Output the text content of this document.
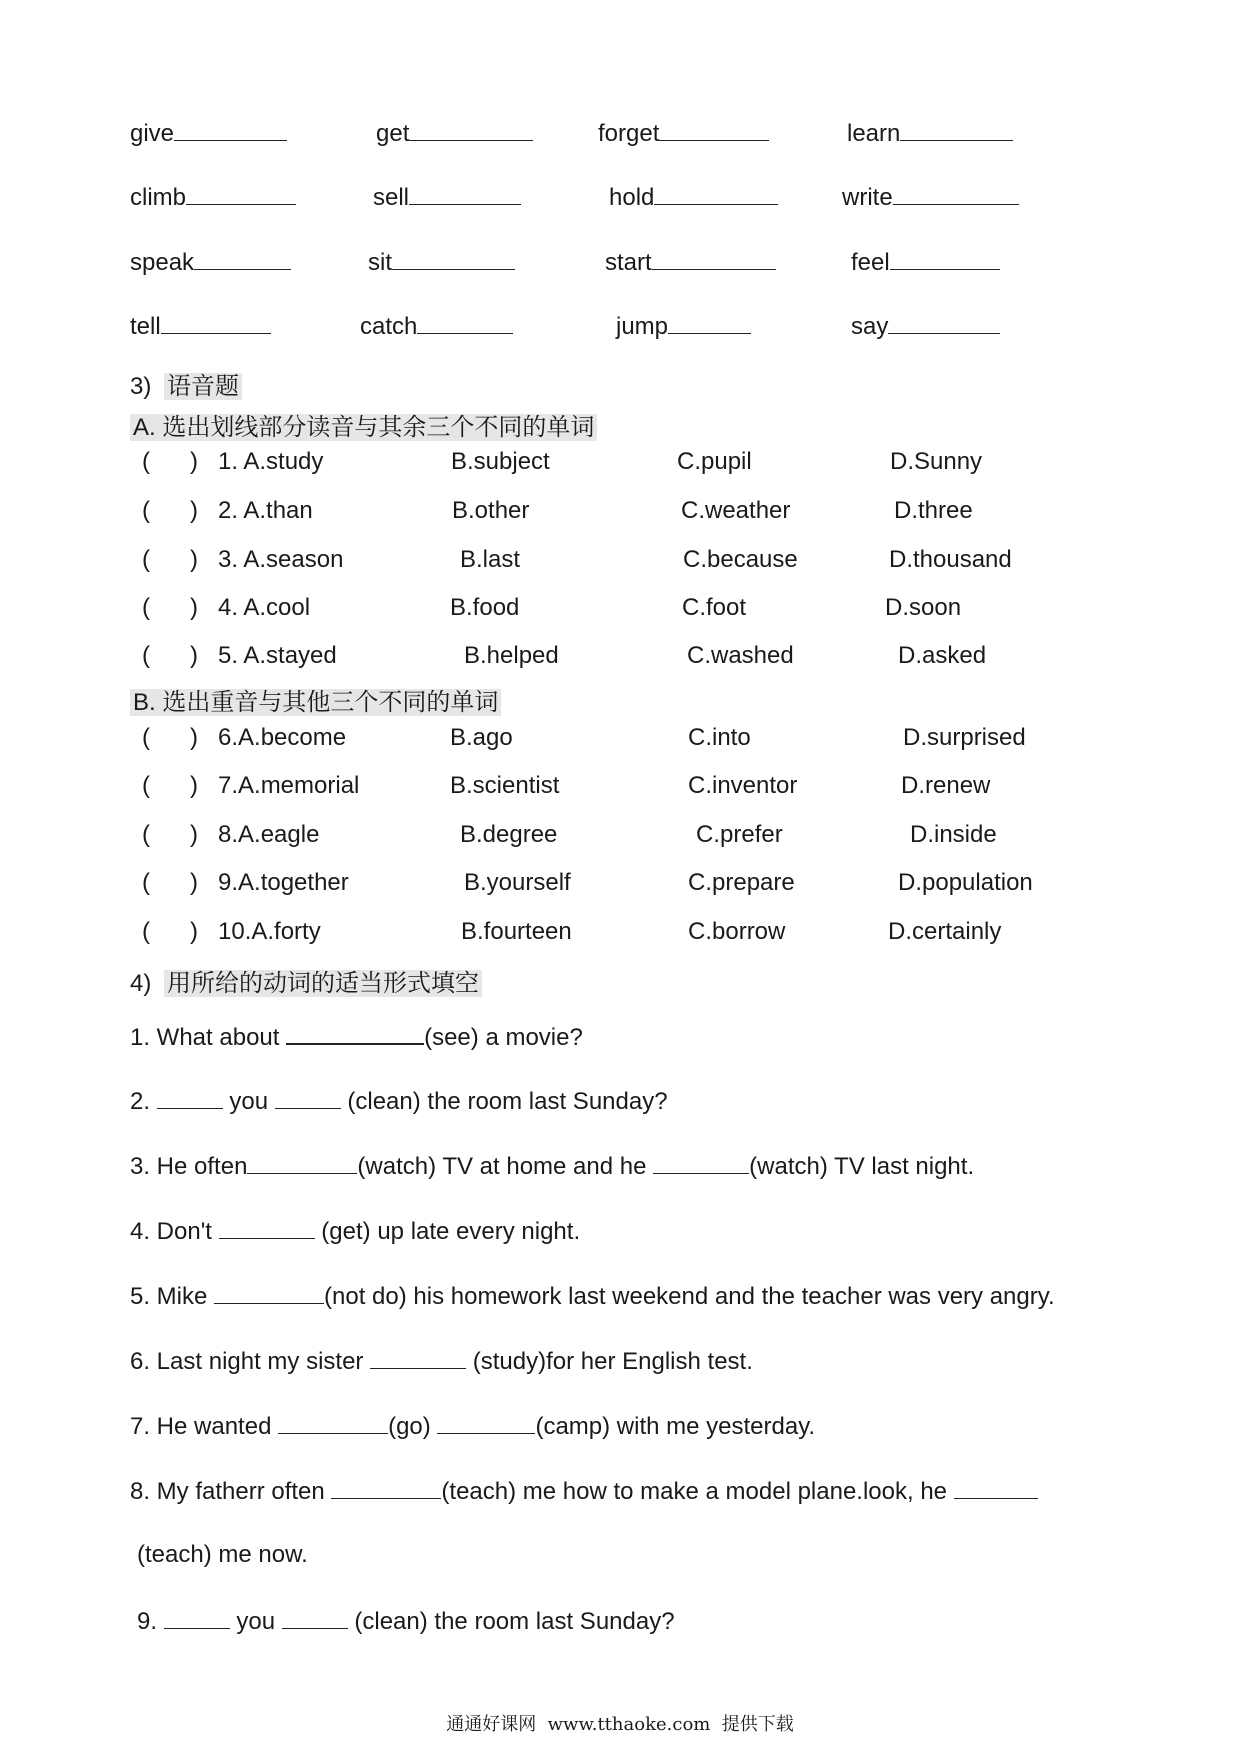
give	get	forget	learn
climb	sell	hold	write
speak	sit	start	feel
tell	catch	jump	say
3) 语音题
A. 选出划线部分读音与其余三个不同的单词
(      ) 1. A.study	B.subject	C.pupil	D.Sunny
(      ) 2. A.than	B.other	C.weather	D.three
(      ) 3. A.season	B.last	C.because	D.thousand
(      ) 4. A.cool	B.food	C.foot	D.soon
(      ) 5. A.stayed	B.helped	C.washed	D.asked
B. 选出重音与其他三个不同的单词
(      ) 6.A.become	B.ago	C.into	D.surprised
(      ) 7.A.memorial	B.scientist	C.inventor	D.renew
(      ) 8.A.eagle	B.degree	C.prefer	D.inside
(      ) 9.A.together	B.yourself	C.prepare	D.population
(      ) 10.A.forty	B.fourteen	C.borrow	D.certainly
4) 用所给的动词的适当形式填空
1. What about	(see) a movie?
2.	you	(clean) the room last Sunday?
3. He often	(watch) TV at home and he	(watch) TV last night.
4. Don't	(get) up late every night.
5. Mike	(not do) his homework last weekend and the teacher was very angry.
6. Last night my sister	(study)for her English test.
7. He wanted	(go)	(camp) with me yesterday.
8. My fatherr often	(teach) me how to make a model plane.look, he
(teach) me now.
9.	you	(clean) the room last Sunday?
通通好课网  www.tthaoke.com  提供下载
